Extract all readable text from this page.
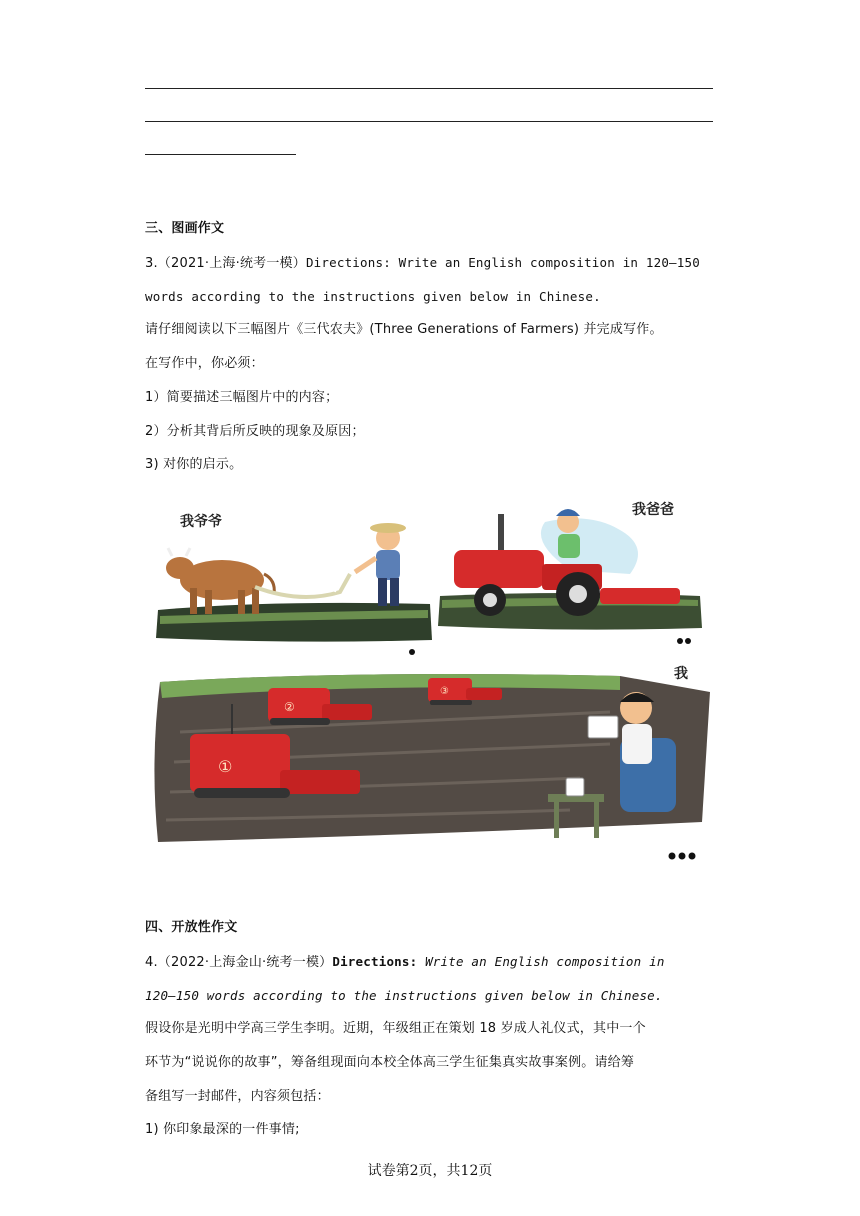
三、图画作文
3.（2021·上海·统考一模）Directions: Write an English composition in 120—150
words according to the instructions given below in Chinese.
请仔细阅读以下三幅图片《三代农夫》(Three Generations of Farmers) 并完成写作。
在写作中，你必须：
1）简要描述三幅图片中的内容；
2）分析其背后所反映的现象及原因；
3) 对你的启示。
我爷爷
我爸爸
①
②
③
我
四、开放性作文
4.（2022·上海金山·统考一模）Directions: Write an English composition in
120—150 words according to the instructions given below in Chinese.
假设你是光明中学高三学生李明。近期，年级组正在策划 18 岁成人礼仪式，其中一个
环节为“说说你的故事”，筹备组现面向本校全体高三学生征集真实故事案例。请给筹
备组写一封邮件，内容须包括：
1) 你印象最深的一件事情;
试卷第2页，共12页
